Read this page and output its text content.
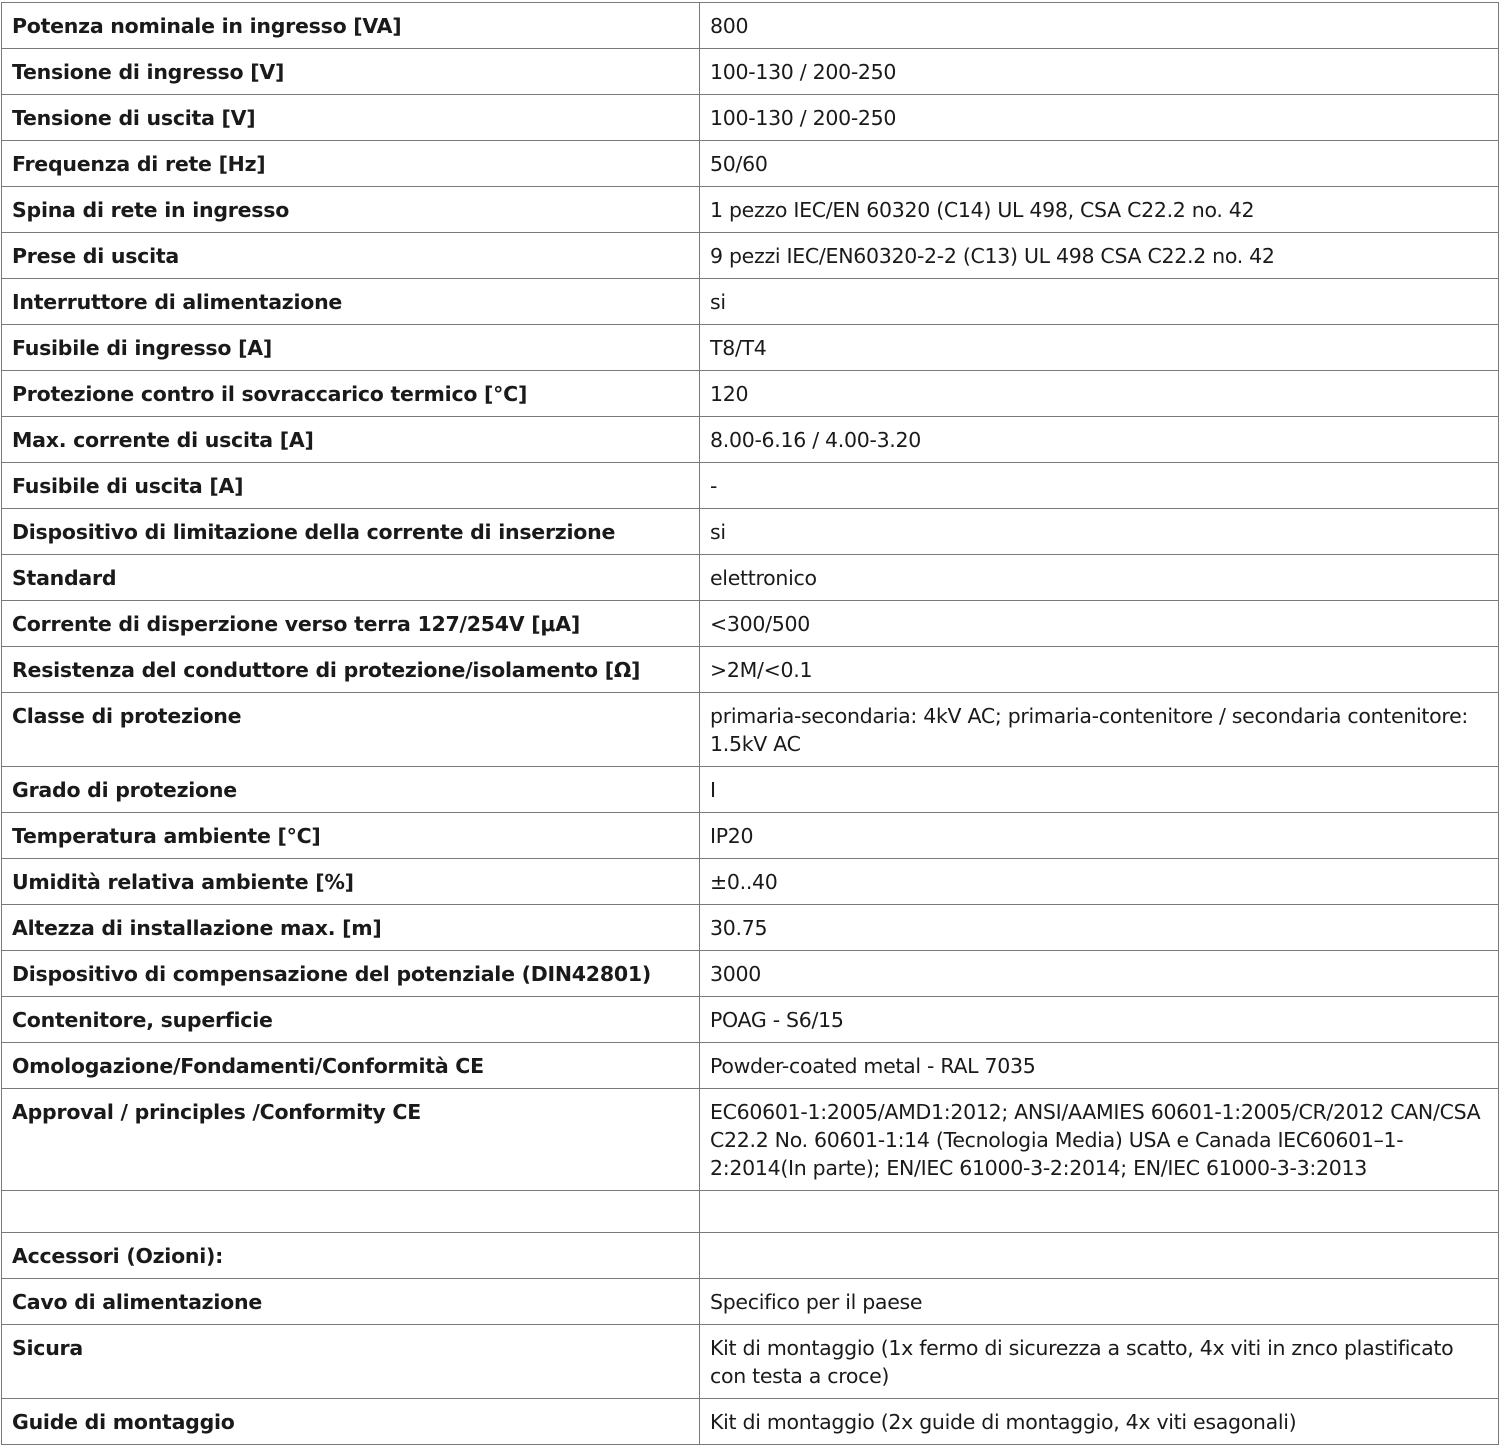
Potenza nominale in ingresso [VA]	800
Tensione di ingresso [V]	100-130 / 200-250
Tensione di uscita [V]	100-130 / 200-250
Frequenza di rete [Hz]	50/60
Spina di rete in ingresso	1 pezzo IEC/EN 60320 (C14) UL 498, CSA C22.2 no. 42
Prese di uscita	9 pezzi IEC/EN60320-2-2 (C13) UL 498 CSA C22.2 no. 42
Interruttore di alimentazione	si
Fusibile di ingresso [A]	T8/T4
Protezione contro il sovraccarico termico [°C]	120
Max. corrente di uscita [A]	8.00-6.16 / 4.00-3.20
Fusibile di uscita [A]	-
Dispositivo di limitazione della corrente di inserzione	si
Standard	elettronico
Corrente di disperzione verso terra 127/254V [μA]	<300/500
Resistenza del conduttore di protezione/isolamento [Ω]	>2M/<0.1
Classe di protezione	primaria-secondaria: 4kV AC; primaria-contenitore / secondaria contenitore: 1.5kV AC
Grado di protezione	I
Temperatura ambiente [°C]	IP20
Umidità relativa ambiente [%]	±0..40
Altezza di installazione max. [m]	30.75
Dispositivo di compensazione del potenziale (DIN42801)	3000
Contenitore, superficie	POAG - S6/15
Omologazione/Fondamenti/Conformità CE	Powder-coated metal - RAL 7035
Approval / principles /Conformity CE	EC60601-1:2005/AMD1:2012; ANSI/AAMIES 60601-1:2005/CR/2012 CAN/CSA C22.2 No. 60601-1:14 (Tecnologia Media) USA e Canada IEC60601–1-2:2014(In parte); EN/IEC 61000-3-2:2014; EN/IEC 61000-3-3:2013

Accessori (Ozioni):	
Cavo di alimentazione	Specifico per il paese
Sicura	Kit di montaggio (1x fermo di sicurezza a scatto, 4x viti in znco plastificato con testa a croce)
Guide di montaggio	Kit di montaggio (2x guide di montaggio, 4x viti esagonali)
